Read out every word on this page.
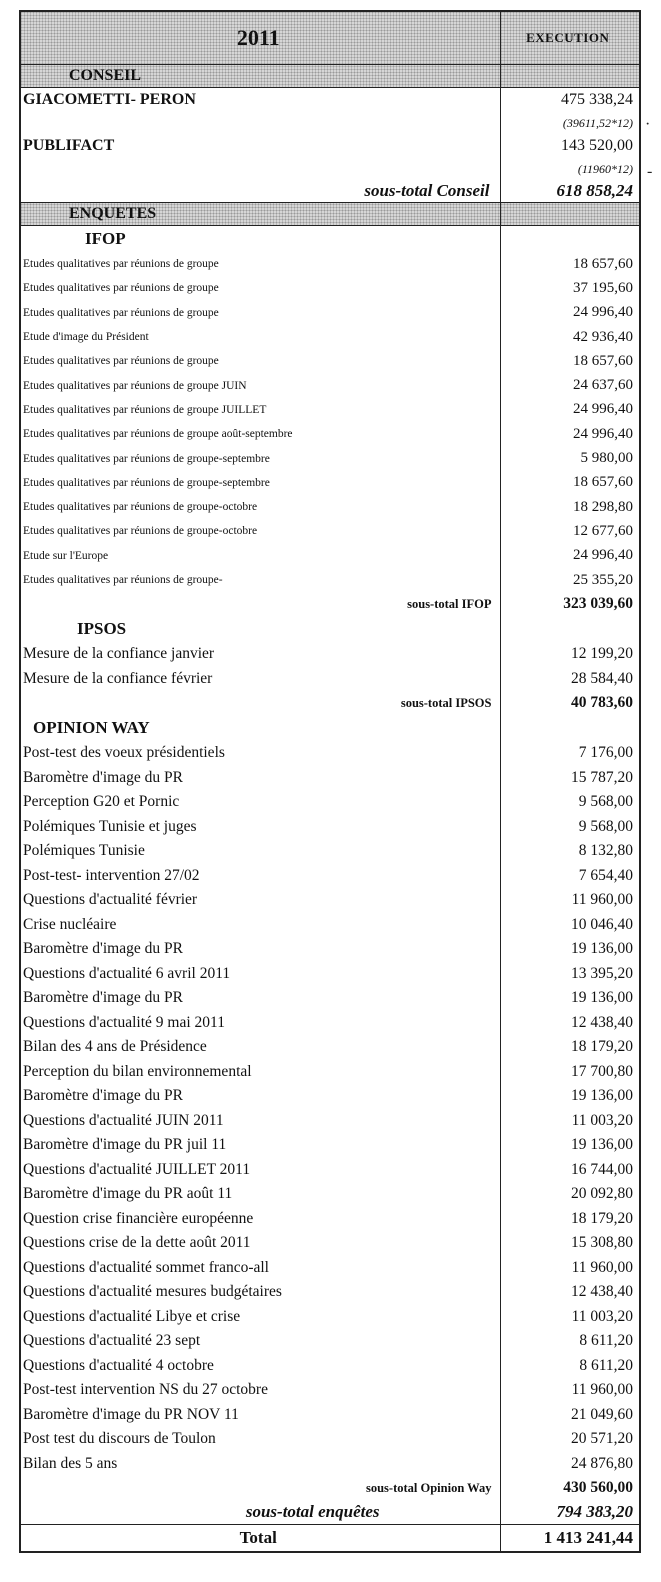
2011	EXECUTION
CONSEIL	
GIACOMETTI- PERON	475 338,24
	(39611,52*12)
PUBLIFACT	143 520,00
	(11960*12)
sous-total Conseil	618 858,24
ENQUETES	
IFOP	
Etudes qualitatives par réunions de groupe	18 657,60
Etudes qualitatives par réunions de groupe	37 195,60
Etudes qualitatives par réunions de groupe	24 996,40
Etude d'image du Président	42 936,40
Etudes qualitatives par réunions de groupe	18 657,60
Etudes qualitatives par réunions de groupe JUIN	24 637,60
Etudes qualitatives par réunions de groupe JUILLET	24 996,40
Etudes qualitatives par réunions de groupe août-septembre	24 996,40
Etudes qualitatives par réunions de groupe-septembre	5 980,00
Etudes qualitatives par réunions de groupe-septembre	18 657,60
Etudes qualitatives par réunions de groupe-octobre	18 298,80
Etudes qualitatives par réunions de groupe-octobre	12 677,60
Etude sur l'Europe	24 996,40
Etudes qualitatives par réunions de groupe-	25 355,20
sous-total IFOP	323 039,60
IPSOS	
Mesure de la confiance janvier	12 199,20
Mesure de la confiance février	28 584,40
sous-total IPSOS	40 783,60
OPINION WAY	
Post-test des voeux présidentiels	7 176,00
Baromètre d'image du PR	15 787,20
Perception G20 et Pornic	9 568,00
Polémiques Tunisie et juges	9 568,00
Polémiques Tunisie	8 132,80
Post-test- intervention 27/02	7 654,40
Questions d'actualité février	11 960,00
Crise nucléaire	10 046,40
Baromètre d'image du PR	19 136,00
Questions d'actualité 6 avril 2011	13 395,20
Baromètre d'image du PR	19 136,00
Questions d'actualité 9 mai 2011	12 438,40
Bilan des 4 ans de Présidence	18 179,20
Perception du bilan environnemental	17 700,80
Baromètre d'image du PR	19 136,00
Questions d'actualité JUIN 2011	11 003,20
Baromètre d'image du PR juil 11	19 136,00
Questions d'actualité JUILLET 2011	16 744,00
Baromètre d'image du PR août 11	20 092,80
Question crise financière européenne	18 179,20
Questions crise de la dette août 2011	15 308,80
Questions d'actualité sommet franco-all	11 960,00
Questions d'actualité mesures budgétaires	12 438,40
Questions d'actualité Libye et crise	11 003,20
Questions d'actualité 23 sept	8 611,20
Questions d'actualité 4 octobre	8 611,20
Post-test intervention NS du 27 octobre	11 960,00
Baromètre d'image du PR NOV 11	21 049,60
Post test du discours de Toulon	20 571,20
Bilan des 5 ans	24 876,80
sous-total Opinion Way	430 560,00
sous-total enquêtes	794 383,20
Total	1 413 241,44
·
-
